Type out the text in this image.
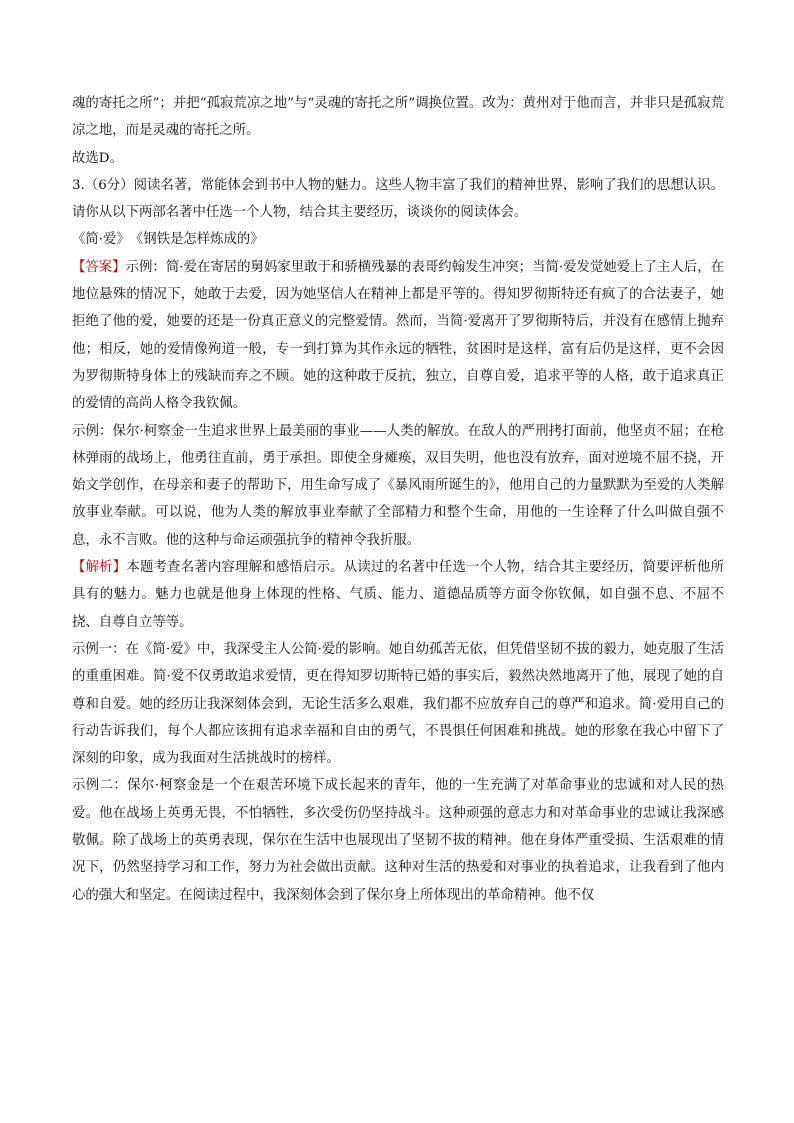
魂的寄托之所”；并把“孤寂荒凉之地”与“灵魂的寄托之所”调换位置。改为：黄州对于他而言，并非只是孤寂荒凉之地，而是灵魂的寄托之所。

故选D。

3.（6分）阅读名著，常能体会到书中人物的魅力。这些人物丰富了我们的精神世界，影响了我们的思想认识。请你从以下两部名著中任选一个人物，结合其主要经历，谈谈你的阅读体会。

《简·爱》　《钢铁是怎样炼成的》

【答案】示例：简·爱在寄居的舅妈家里敢于和骄横残暴的表哥约翰发生冲突；当简·爱发觉她爱上了主人后，在地位悬殊的情况下，她敢于去爱，因为她坚信人在精神上都是平等的。得知罗彻斯特还有疯了的合法妻子，她拒绝了他的爱，她要的还是一份真正意义的完整爱情。然而，当简·爱离开了罗彻斯特后，并没有在感情上抛弃他；相反，她的爱情像殉道一般，专一到打算为其作永远的牺牲，贫困时是这样，富有后仍是这样，更不会因为罗彻斯特身体上的残缺而弃之不顾。她的这种敢于反抗，独立，自尊自爱，追求平等的人格，敢于追求真正的爱情的高尚人格令我钦佩。

示例：保尔·柯察金一生追求世界上最美丽的事业——人类的解放。在敌人的严刑拷打面前，他坚贞不屈；在枪林弹雨的战场上，他勇往直前，勇于承担。即使全身瘫痪，双目失明，他也没有放弃，面对逆境不屈不挠，开始文学创作，在母亲和妻子的帮助下，用生命写成了《暴风雨所诞生的》，他用自己的力量默默为至爱的人类解放事业奉献。可以说，他为人类的解放事业奉献了全部精力和整个生命，用他的一生诠释了什么叫做自强不息，永不言败。他的这种与命运顽强抗争的精神令我折服。

【解析】本题考查名著内容理解和感悟启示。从读过的名著中任选一个人物，结合其主要经历，简要评析他所具有的魅力。魅力也就是他身上体现的性格、气质、能力、道德品质等方面令你钦佩，如自强不息、不屈不挠、自尊自立等等。

示例一：在《简·爱》中，我深受主人公简·爱的影响。她自幼孤苦无依，但凭借坚韧不拔的毅力，她克服了生活的重重困难。简·爱不仅勇敢追求爱情，更在得知罗切斯特已婚的事实后，毅然决然地离开了他，展现了她的自尊和自爱。她的经历让我深刻体会到，无论生活多么艰难，我们都不应放弃自己的尊严和追求。简·爱用自己的行动告诉我们，每个人都应该拥有追求幸福和自由的勇气，不畏惧任何困难和挑战。她的形象在我心中留下了深刻的印象，成为我面对生活挑战时的榜样。

示例二：保尔·柯察金是一个在艰苦环境下成长起来的青年，他的一生充满了对革命事业的忠诚和对人民的热爱。他在战场上英勇无畏，不怕牺牲，多次受伤仍坚持战斗。这种顽强的意志力和对革命事业的忠诚让我深感敬佩。除了战场上的英勇表现，保尔在生活中也展现出了坚韧不拔的精神。他在身体严重受损、生活艰难的情况下，仍然坚持学习和工作，努力为社会做出贡献。这种对生活的热爱和对事业的执着追求，让我看到了他内心的强大和坚定。在阅读过程中，我深刻体会到了保尔身上所体现出的革命精神。他不仅
